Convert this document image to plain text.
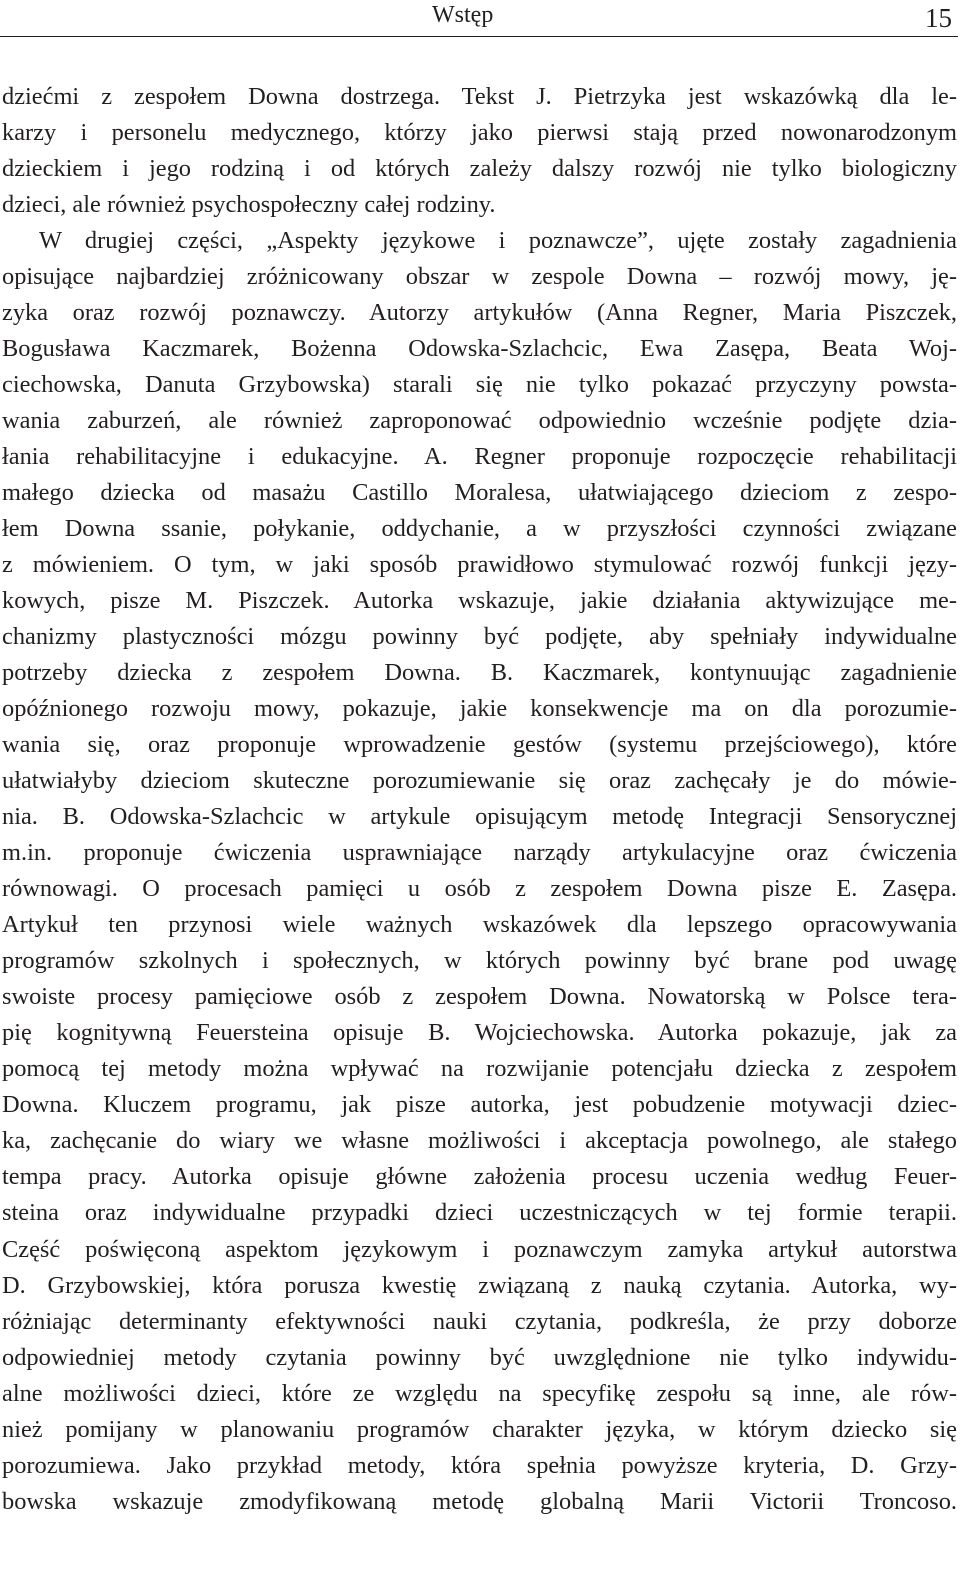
Wstęp	15
dziećmi z zespołem Downa dostrzega. Tekst J. Pietrzyka jest wskazówką dla le-
karzy i personelu medycznego, którzy jako pierwsi stają przed nowonarodzonym
dzieckiem i jego rodziną i od których zależy dalszy rozwój nie tylko biologiczny
dzieci, ale również psychospołeczny całej rodziny.
W drugiej części, „Aspekty językowe i poznawcze”, ujęte zostały zagadnienia
opisujące najbardziej zróżnicowany obszar w zespole Downa – rozwój mowy, ję-
zyka oraz rozwój poznawczy. Autorzy artykułów (Anna Regner, Maria Piszczek,
Bogusława Kaczmarek, Bożenna Odowska-Szlachcic, Ewa Zasępa, Beata Woj-
ciechowska, Danuta Grzybowska) starali się nie tylko pokazać przyczyny powsta-
wania zaburzeń, ale również zaproponować odpowiednio wcześnie podjęte dzia-
łania rehabilitacyjne i edukacyjne. A. Regner proponuje rozpoczęcie rehabilitacji
małego dziecka od masażu Castillo Moralesa, ułatwiającego dzieciom z zespo-
łem Downa ssanie, połykanie, oddychanie, a w przyszłości czynności związane
z mówieniem. O tym, w jaki sposób prawidłowo stymulować rozwój funkcji języ-
kowych, pisze M. Piszczek. Autorka wskazuje, jakie działania aktywizujące me-
chanizmy plastyczności mózgu powinny być podjęte, aby spełniały indywidualne
potrzeby dziecka z zespołem Downa. B. Kaczmarek, kontynuując zagadnienie
opóźnionego rozwoju mowy, pokazuje, jakie konsekwencje ma on dla porozumie-
wania się, oraz proponuje wprowadzenie gestów (systemu przejściowego), które
ułatwiałyby dzieciom skuteczne porozumiewanie się oraz zachęcały je do mówie-
nia. B. Odowska-Szlachcic w artykule opisującym metodę Integracji Sensorycznej
m.in. proponuje ćwiczenia usprawniające narządy artykulacyjne oraz ćwiczenia
równowagi. O procesach pamięci u osób z zespołem Downa pisze E. Zasępa.
Artykuł ten przynosi wiele ważnych wskazówek dla lepszego opracowywania
programów szkolnych i społecznych, w których powinny być brane pod uwagę
swoiste procesy pamięciowe osób z zespołem Downa. Nowatorską w Polsce tera-
pię kognitywną Feuersteina opisuje B. Wojciechowska. Autorka pokazuje, jak za
pomocą tej metody można wpływać na rozwijanie potencjału dziecka z zespołem
Downa. Kluczem programu, jak pisze autorka, jest pobudzenie motywacji dziec-
ka, zachęcanie do wiary we własne możliwości i akceptacja powolnego, ale stałego
tempa pracy. Autorka opisuje główne założenia procesu uczenia według Feuer-
steina oraz indywidualne przypadki dzieci uczestniczących w tej formie terapii.
Część poświęconą aspektom językowym i poznawczym zamyka artykuł autorstwa
D. Grzybowskiej, która porusza kwestię związaną z nauką czytania. Autorka, wy-
różniając determinanty efektywności nauki czytania, podkreśla, że przy doborze
odpowiedniej metody czytania powinny być uwzględnione nie tylko indywidu-
alne możliwości dzieci, które ze względu na specyfikę zespołu są inne, ale rów-
nież pomijany w planowaniu programów charakter języka, w którym dziecko się
porozumiewa. Jako przykład metody, która spełnia powyższe kryteria, D. Grzy-
bowska wskazuje zmodyfikowaną metodę globalną Marii Victorii Troncoso.
